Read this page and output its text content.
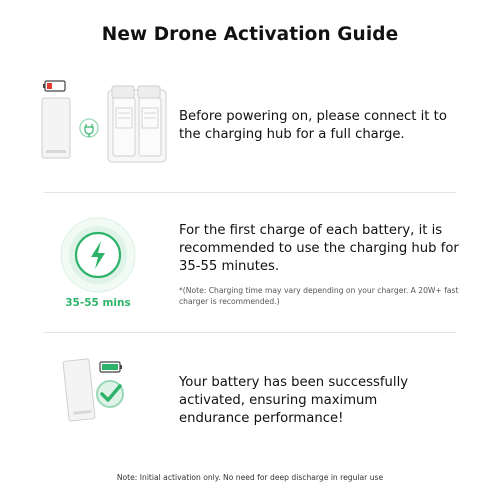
New Drone Activation Guide
Before powering on, please connect it to the charging hub for a full charge.
35-55 mins
For the first charge of each battery, it is recommended to use the charging hub for 35-55 minutes.
*(Note: Charging time may vary depending on your charger. A 20W+ fast charger is recommended.)
Your battery has been successfully activated, ensuring maximum endurance performance!
Note: Initial activation only. No need for deep discharge in regular use
